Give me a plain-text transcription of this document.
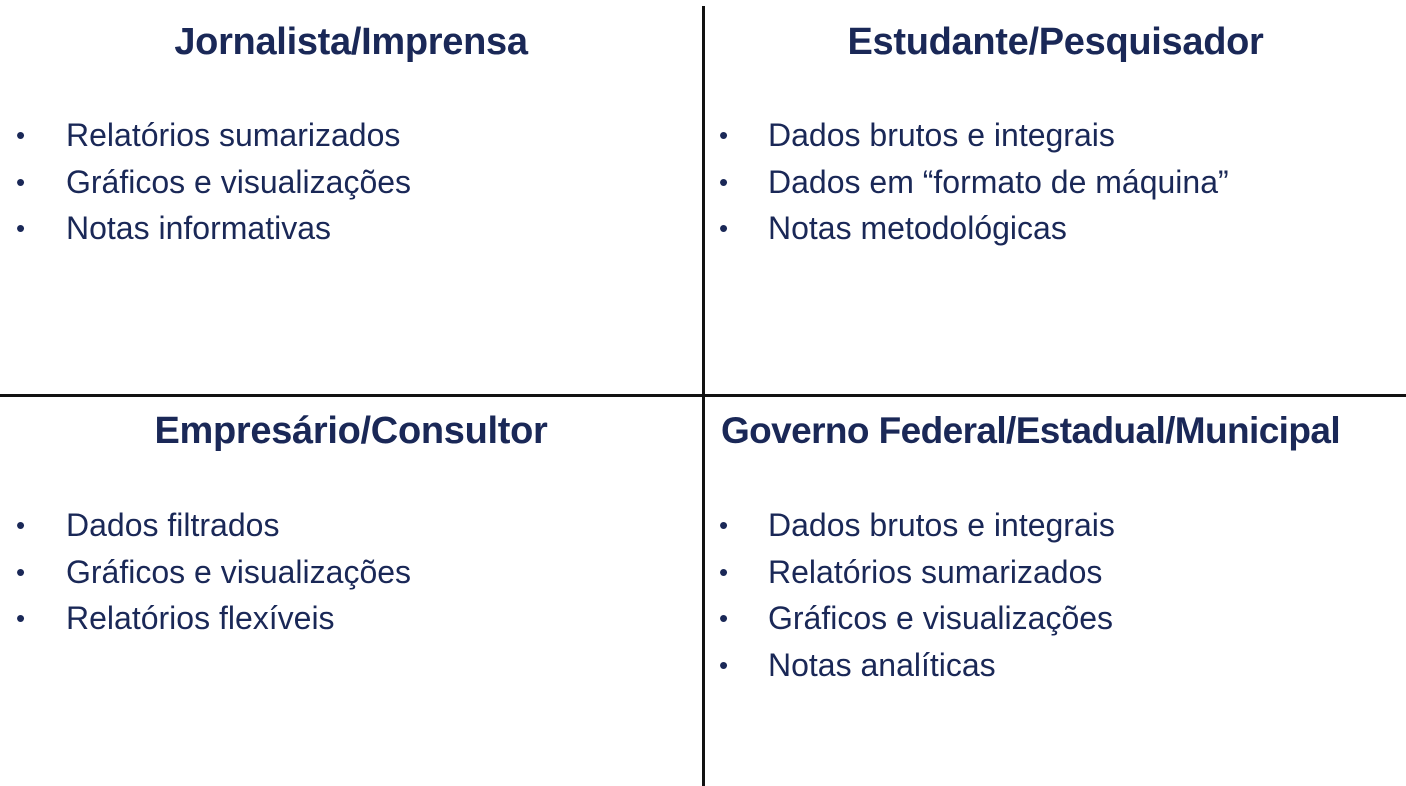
Jornalista/Imprensa
• Relatórios sumarizados
• Gráficos e visualizações
• Notas informativas
Estudante/Pesquisador
• Dados brutos e integrais
• Dados em “formato de máquina”
• Notas metodológicas
Empresário/Consultor
• Dados filtrados
• Gráficos e visualizações
• Relatórios flexíveis
Governo Federal/Estadual/Municipal
• Dados brutos e integrais
• Relatórios sumarizados
• Gráficos e visualizações
• Notas analíticas
